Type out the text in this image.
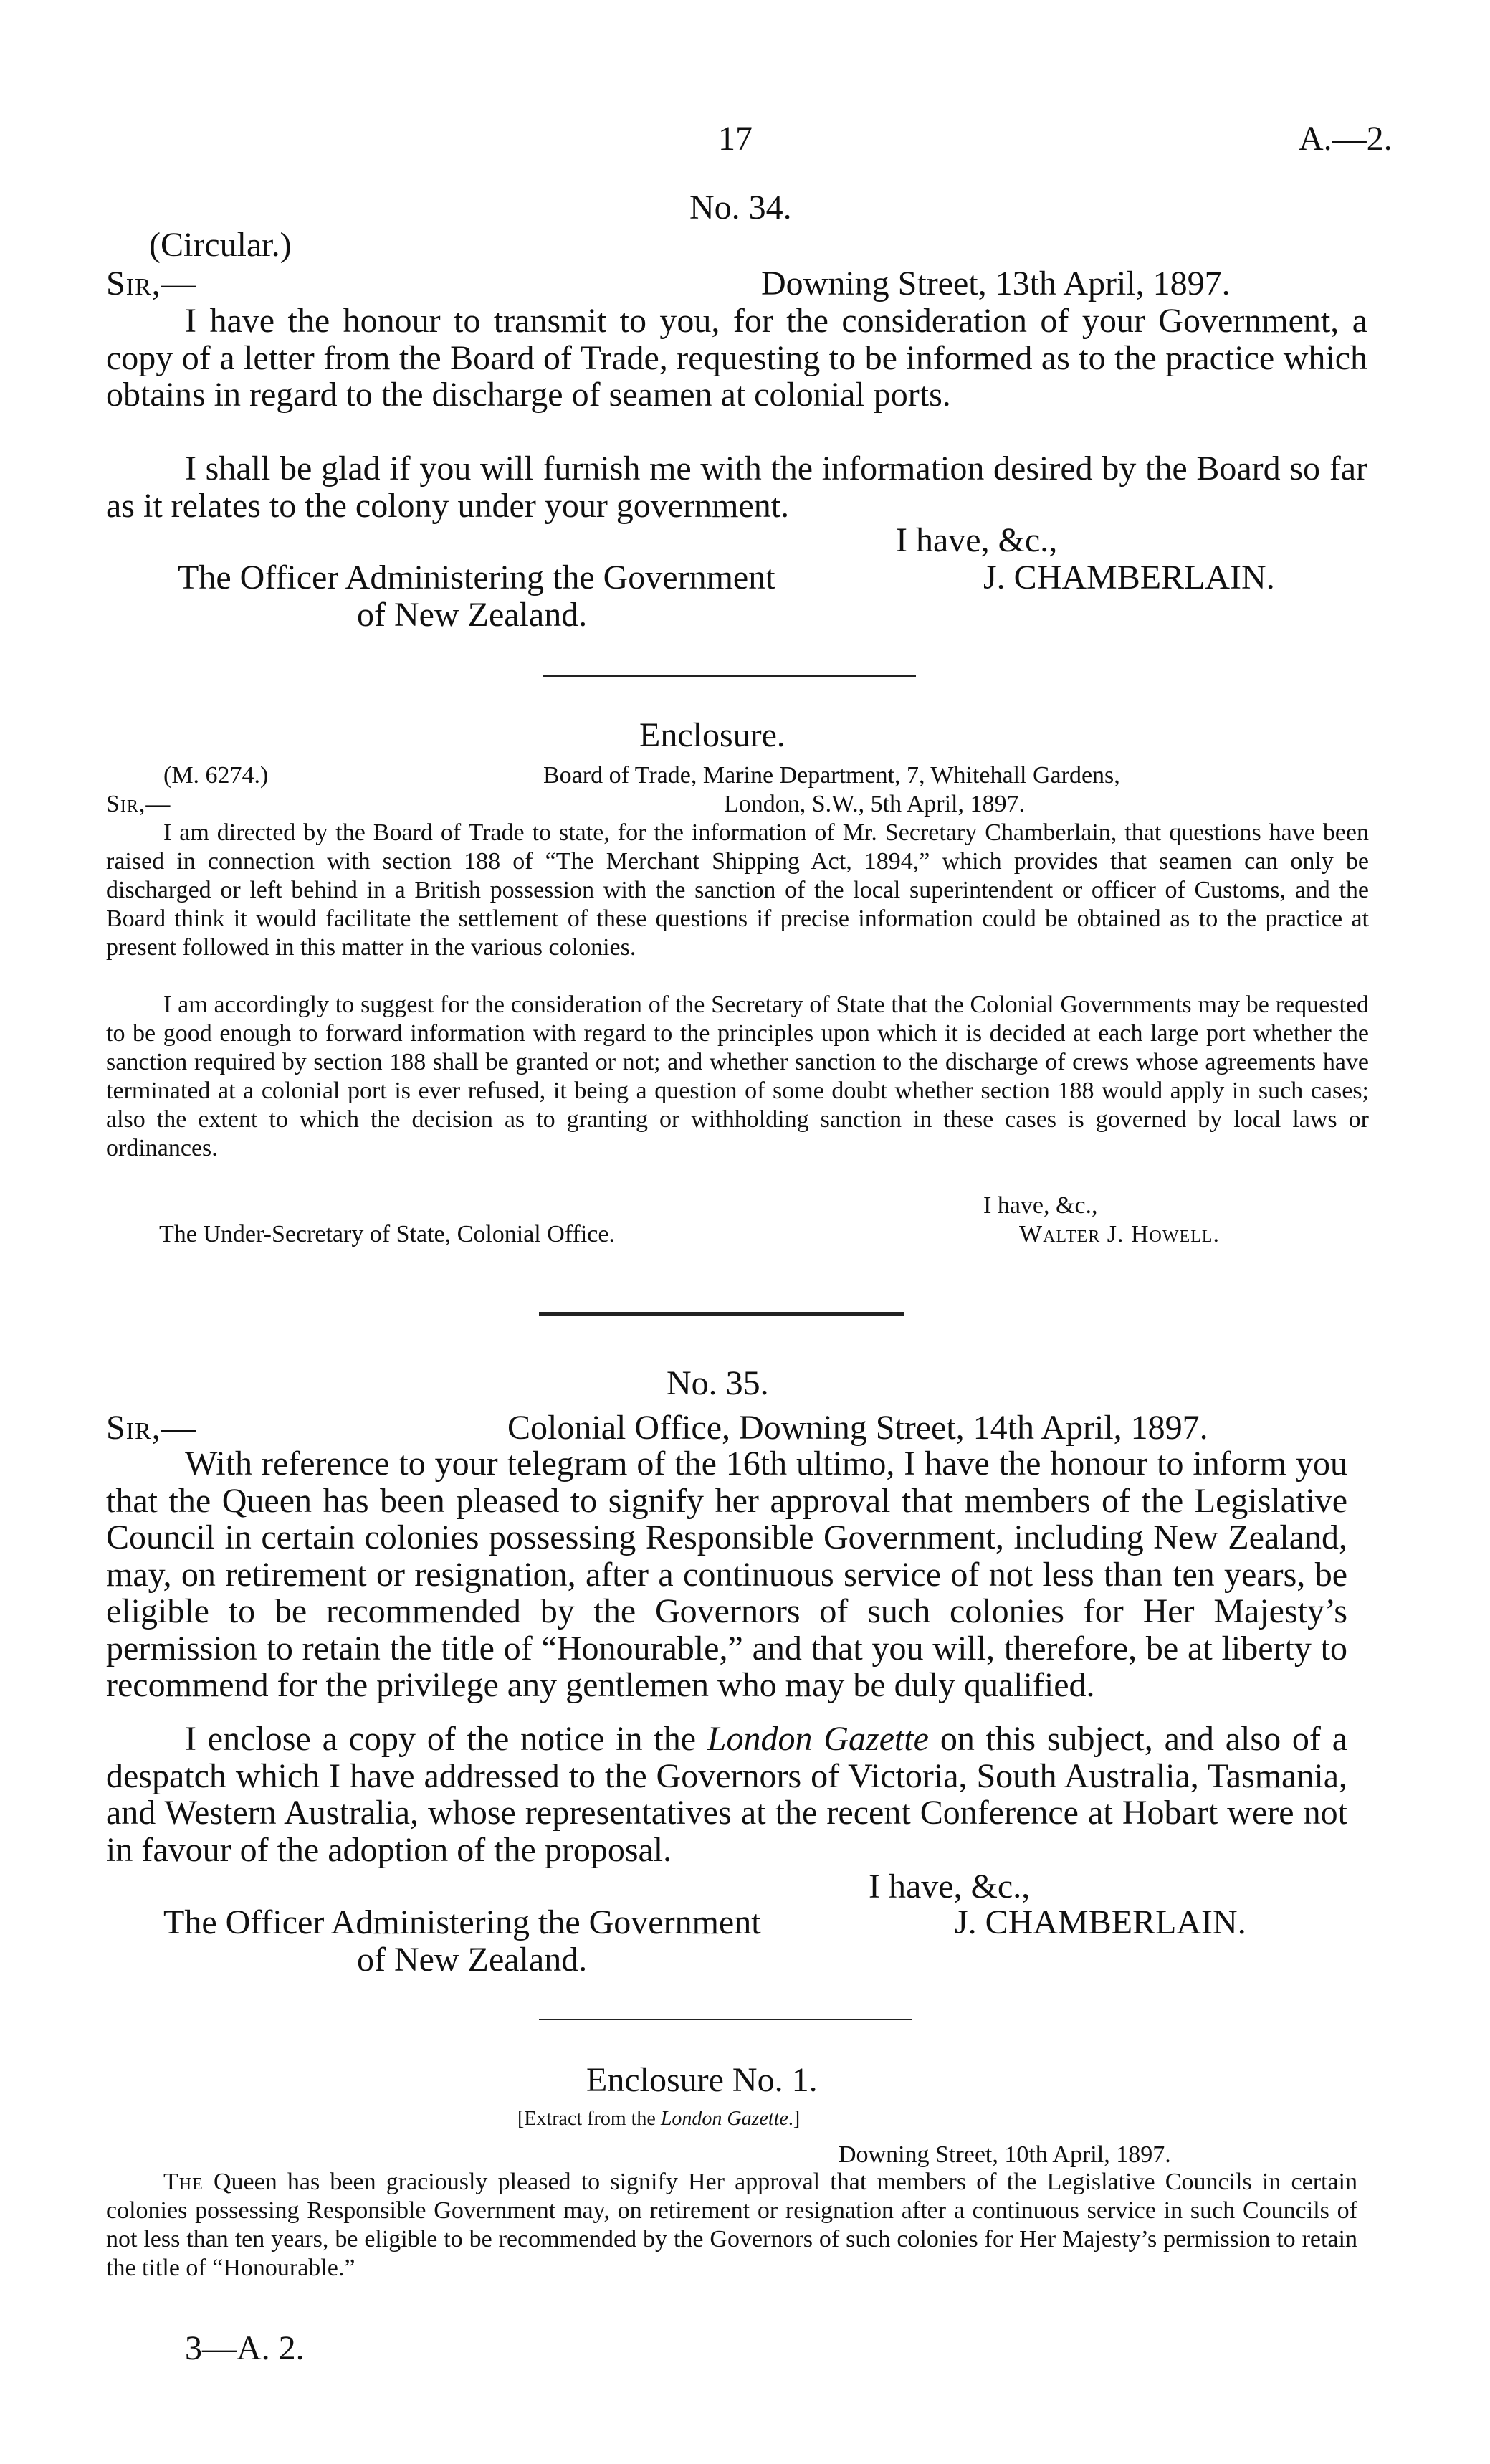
17	A.—2.
No. 34.
(Circular.)
Sir,—	Downing Street, 13th April, 1897.
I have the honour to transmit to you, for the consideration of your Government, a copy of a letter from the Board of Trade, requesting to be informed as to the practice which obtains in regard to the discharge of seamen at colonial ports.
I shall be glad if you will furnish me with the information desired by the Board so far as it relates to the colony under your government.
I have, &c.,
The Officer Administering the Government	J. CHAMBERLAIN.
of New Zealand.
Enclosure.
(M. 6274.)	Board of Trade, Marine Department, 7, Whitehall Gardens,
Sir,—	London, S.W., 5th April, 1897.
I am directed by the Board of Trade to state, for the information of Mr. Secretary Chamberlain, that questions have been raised in connection with section 188 of “The Merchant Shipping Act, 1894,” which provides that seamen can only be discharged or left behind in a British possession with the sanction of the local superintendent or officer of Customs, and the Board think it would facilitate the settlement of these questions if precise information could be obtained as to the practice at present followed in this matter in the various colonies.
I am accordingly to suggest for the consideration of the Secretary of State that the Colonial Governments may be requested to be good enough to forward information with regard to the principles upon which it is decided at each large port whether the sanction required by section 188 shall be granted or not; and whether sanction to the discharge of crews whose agreements have terminated at a colonial port is ever refused, it being a question of some doubt whether section 188 would apply in such cases; also the extent to which the decision as to granting or withholding sanction in these cases is governed by local laws or ordinances.
I have, &c.,
The Under-Secretary of State, Colonial Office.	Walter J. Howell.
No. 35.
Sir,—	Colonial Office, Downing Street, 14th April, 1897.
With reference to your telegram of the 16th ultimo, I have the honour to inform you that the Queen has been pleased to signify her approval that members of the Legislative Council in certain colonies possessing Responsible Government, including New Zealand, may, on retirement or resignation, after a continuous service of not less than ten years, be eligible to be recommended by the Governors of such colonies for Her Majesty’s permission to retain the title of “Honourable,” and that you will, therefore, be at liberty to recommend for the privilege any gentlemen who may be duly qualified.
I enclose a copy of the notice in the London Gazette on this subject, and also of a despatch which I have addressed to the Governors of Victoria, South Australia, Tasmania, and Western Australia, whose representatives at the recent Conference at Hobart were not in favour of the adoption of the proposal.
I have, &c.,
The Officer Administering the Government	J. CHAMBERLAIN.
of New Zealand.
Enclosure No. 1.
[Extract from the London Gazette.]
Downing Street, 10th April, 1897.
The Queen has been graciously pleased to signify Her approval that members of the Legislative Councils in certain colonies possessing Responsible Government may, on retirement or resignation after a continuous service in such Councils of not less than ten years, be eligible to be recommended by the Governors of such colonies for Her Majesty’s permission to retain the title of “Honourable.”
3—A. 2.
